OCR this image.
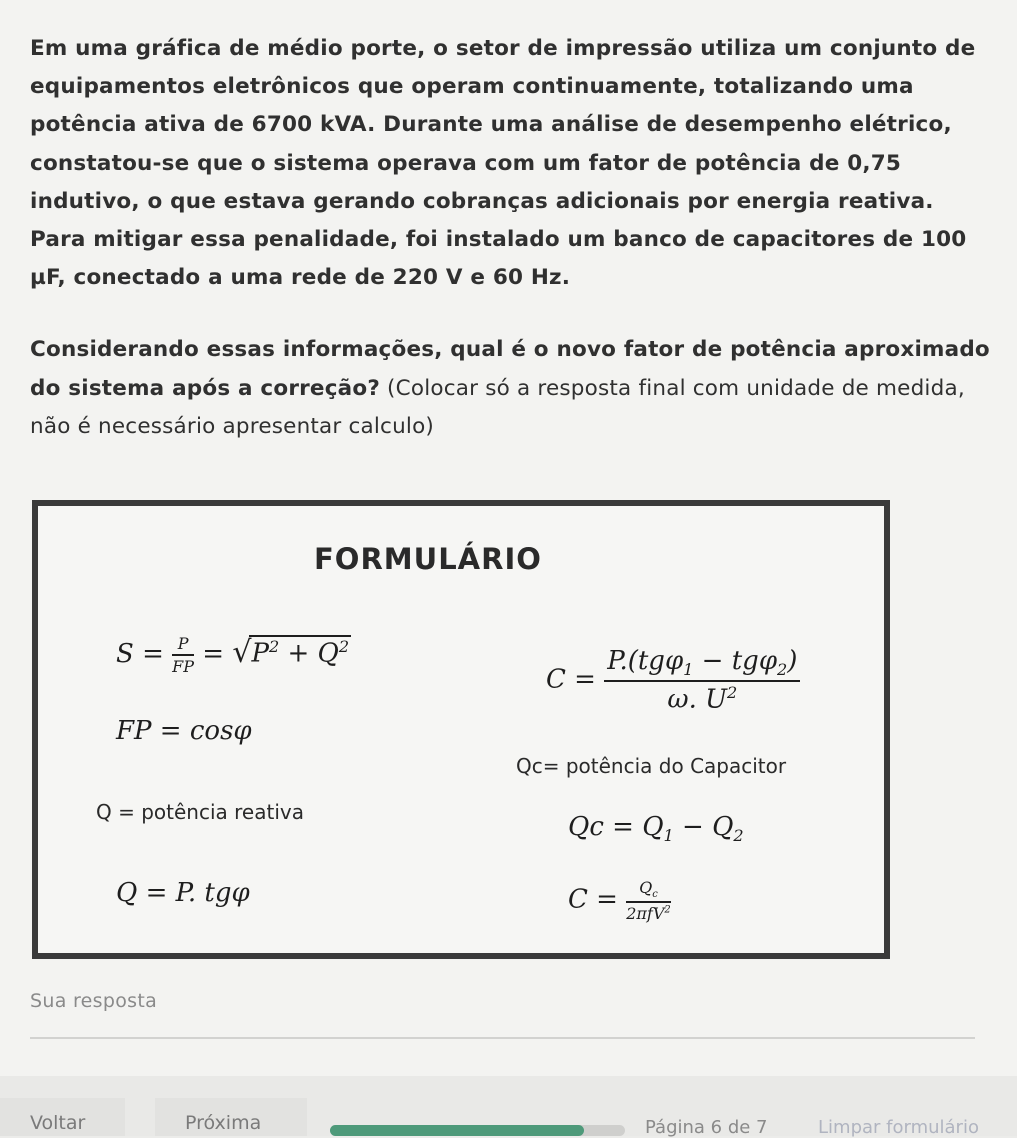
Em uma gráfica de médio porte, o setor de impressão utiliza um conjunto de equipamentos eletrônicos que operam continuamente, totalizando uma potência ativa de 6700 kVA. Durante uma análise de desempenho elétrico, constatou-se que o sistema operava com um fator de potência de 0,75 indutivo, o que estava gerando cobranças adicionais por energia reativa. Para mitigar essa penalidade, foi instalado um banco de capacitores de 100 µF, conectado a uma rede de 220 V e 60 Hz.

Considerando essas informações, qual é o novo fator de potência aproximado do sistema após a correção? (Colocar só a resposta final com unidade de medida, não é necessário apresentar calculo)

FORMULÁRIO
$S = \frac{P}{FP} = √P^2 + Q^2$
$C = \frac{P.(tg\varphi_1 - tg\varphi_2)}{\omega. U^2}$
FP = cosφ
Qc= potência do Capacitor
Q = potência reativa	$Qc = Q_1 - Q_2$
Q = P. tgφ	$C = \frac{Q_c}{2\pi fV^2}$
Sua resposta
Voltar	Próxima	Página 6 de 7	Limpar formulário
